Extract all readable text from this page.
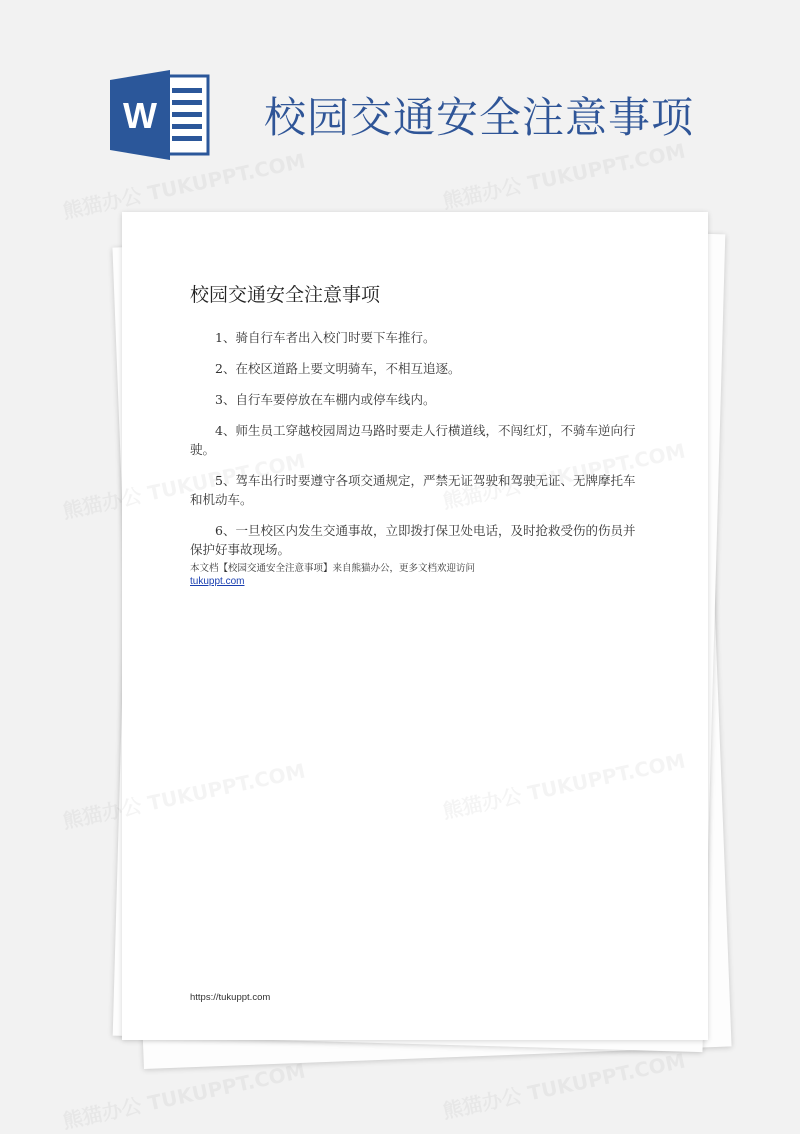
W	校园交通安全注意事项
校园交通安全注意事项

1、骑自行车者出入校门时要下车推行。

2、在校区道路上要文明骑车，不相互追逐。

3、自行车要停放在车棚内或停车线内。

4、师生员工穿越校园周边马路时要走人行横道线，不闯红灯，不骑车逆向行驶。

5、驾车出行时要遵守各项交通规定，严禁无证驾驶和驾驶无证、无牌摩托车和机动车。

6、一旦校区内发生交通事故，立即拨打保卫处电话，及时抢救受伤的伤员并保护好事故现场。

本文档【校园交通安全注意事项】来自熊猫办公，更多文档欢迎访问
tukuppt.com
https://tukuppt.com
